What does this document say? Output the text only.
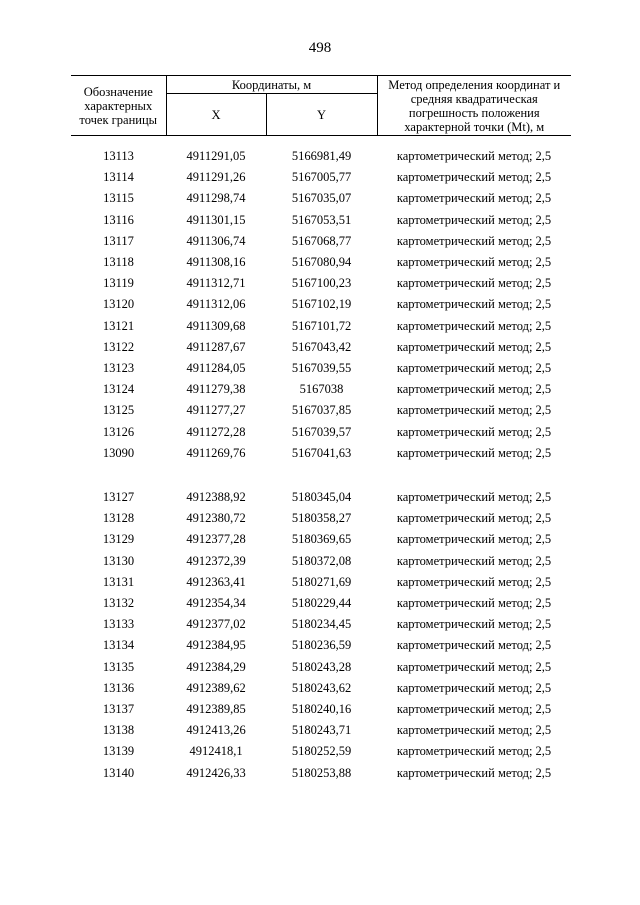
498
Обозначение характерных точек границы	Координаты, м		Метод определения координат и средняя квадратическая погрешность положения характерной точки (Mt), м
	X	Y	
13113	4911291,05	5166981,49	картометрический метод; 2,5
13114	4911291,26	5167005,77	картометрический метод; 2,5
13115	4911298,74	5167035,07	картометрический метод; 2,5
13116	4911301,15	5167053,51	картометрический метод; 2,5
13117	4911306,74	5167068,77	картометрический метод; 2,5
13118	4911308,16	5167080,94	картометрический метод; 2,5
13119	4911312,71	5167100,23	картометрический метод; 2,5
13120	4911312,06	5167102,19	картометрический метод; 2,5
13121	4911309,68	5167101,72	картометрический метод; 2,5
13122	4911287,67	5167043,42	картометрический метод; 2,5
13123	4911284,05	5167039,55	картометрический метод; 2,5
13124	4911279,38	5167038	картометрический метод; 2,5
13125	4911277,27	5167037,85	картометрический метод; 2,5
13126	4911272,28	5167039,57	картометрический метод; 2,5
13090	4911269,76	5167041,63	картометрический метод; 2,5
13127	4912388,92	5180345,04	картометрический метод; 2,5
13128	4912380,72	5180358,27	картометрический метод; 2,5
13129	4912377,28	5180369,65	картометрический метод; 2,5
13130	4912372,39	5180372,08	картометрический метод; 2,5
13131	4912363,41	5180271,69	картометрический метод; 2,5
13132	4912354,34	5180229,44	картометрический метод; 2,5
13133	4912377,02	5180234,45	картометрический метод; 2,5
13134	4912384,95	5180236,59	картометрический метод; 2,5
13135	4912384,29	5180243,28	картометрический метод; 2,5
13136	4912389,62	5180243,62	картометрический метод; 2,5
13137	4912389,85	5180240,16	картометрический метод; 2,5
13138	4912413,26	5180243,71	картометрический метод; 2,5
13139	4912418,1	5180252,59	картометрический метод; 2,5
13140	4912426,33	5180253,88	картометрический метод; 2,5
